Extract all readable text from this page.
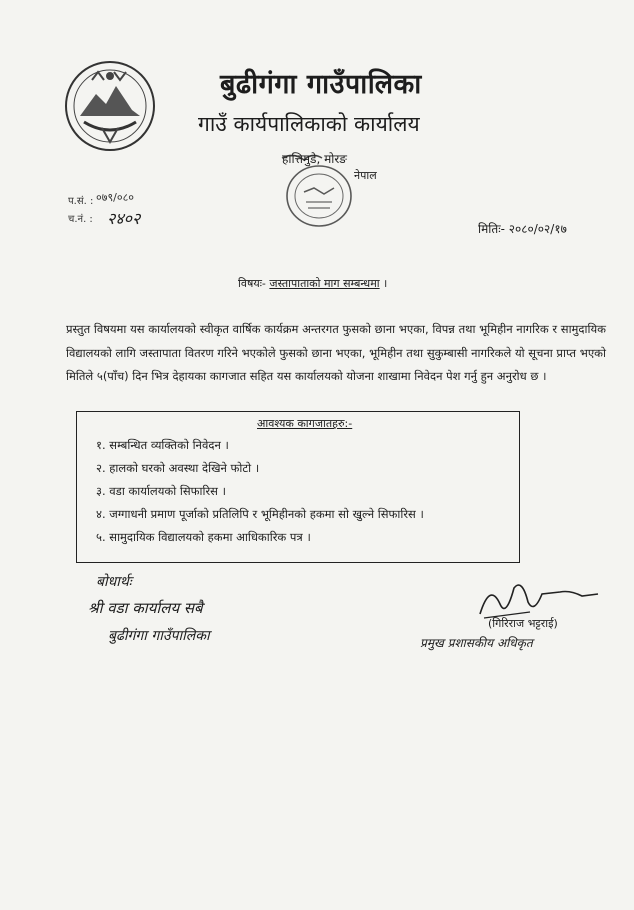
बुढीगंगा गाउँपालिका
गाउँ कार्यपालिकाको कार्यालय
हात्तिमुडे, मोरङ
नेपाल
प.सं. : ०७९/०८०
च.नं. : २४०२
मितिः- २०८०/०२/१७
विषयः- जस्तापाताको माग सम्बन्धमा ।
प्रस्तुत विषयमा यस कार्यालयको स्वीकृत वार्षिक कार्यक्रम अन्तरगत फुसको छाना भएका, विपन्न तथा भूमिहीन नागरिक र सामुदायिक विद्यालयको लागि जस्तापाता वितरण गरिने भएकोले फुसको छाना भएका, भूमिहीन तथा सुकुम्बासी नागरिकले यो सूचना प्राप्त भएको मितिले ५(पाँच) दिन भित्र देहायका कागजात सहित यस कार्यालयको योजना शाखामा निवेदन पेश गर्नु हुन अनुरोध छ ।
आवश्यक कागजातहरु:-
१. सम्बन्धित व्यक्तिको निवेदन ।
२. हालको घरको अवस्था देखिने फोटो ।
३. वडा कार्यालयको सिफारिस ।
४. जग्गाधनी प्रमाण पूर्जाको प्रतिलिपि र भूमिहीनको हकमा सो खुल्ने सिफारिस ।
५. सामुदायिक विद्यालयको हकमा आधिकारिक पत्र ।
बोधार्थः
श्री वडा कार्यालय सबै
बुढीगंगा गाउँपालिका
(गिरिराज भट्टराई)
प्रमुख प्रशासकीय अधिकृत
